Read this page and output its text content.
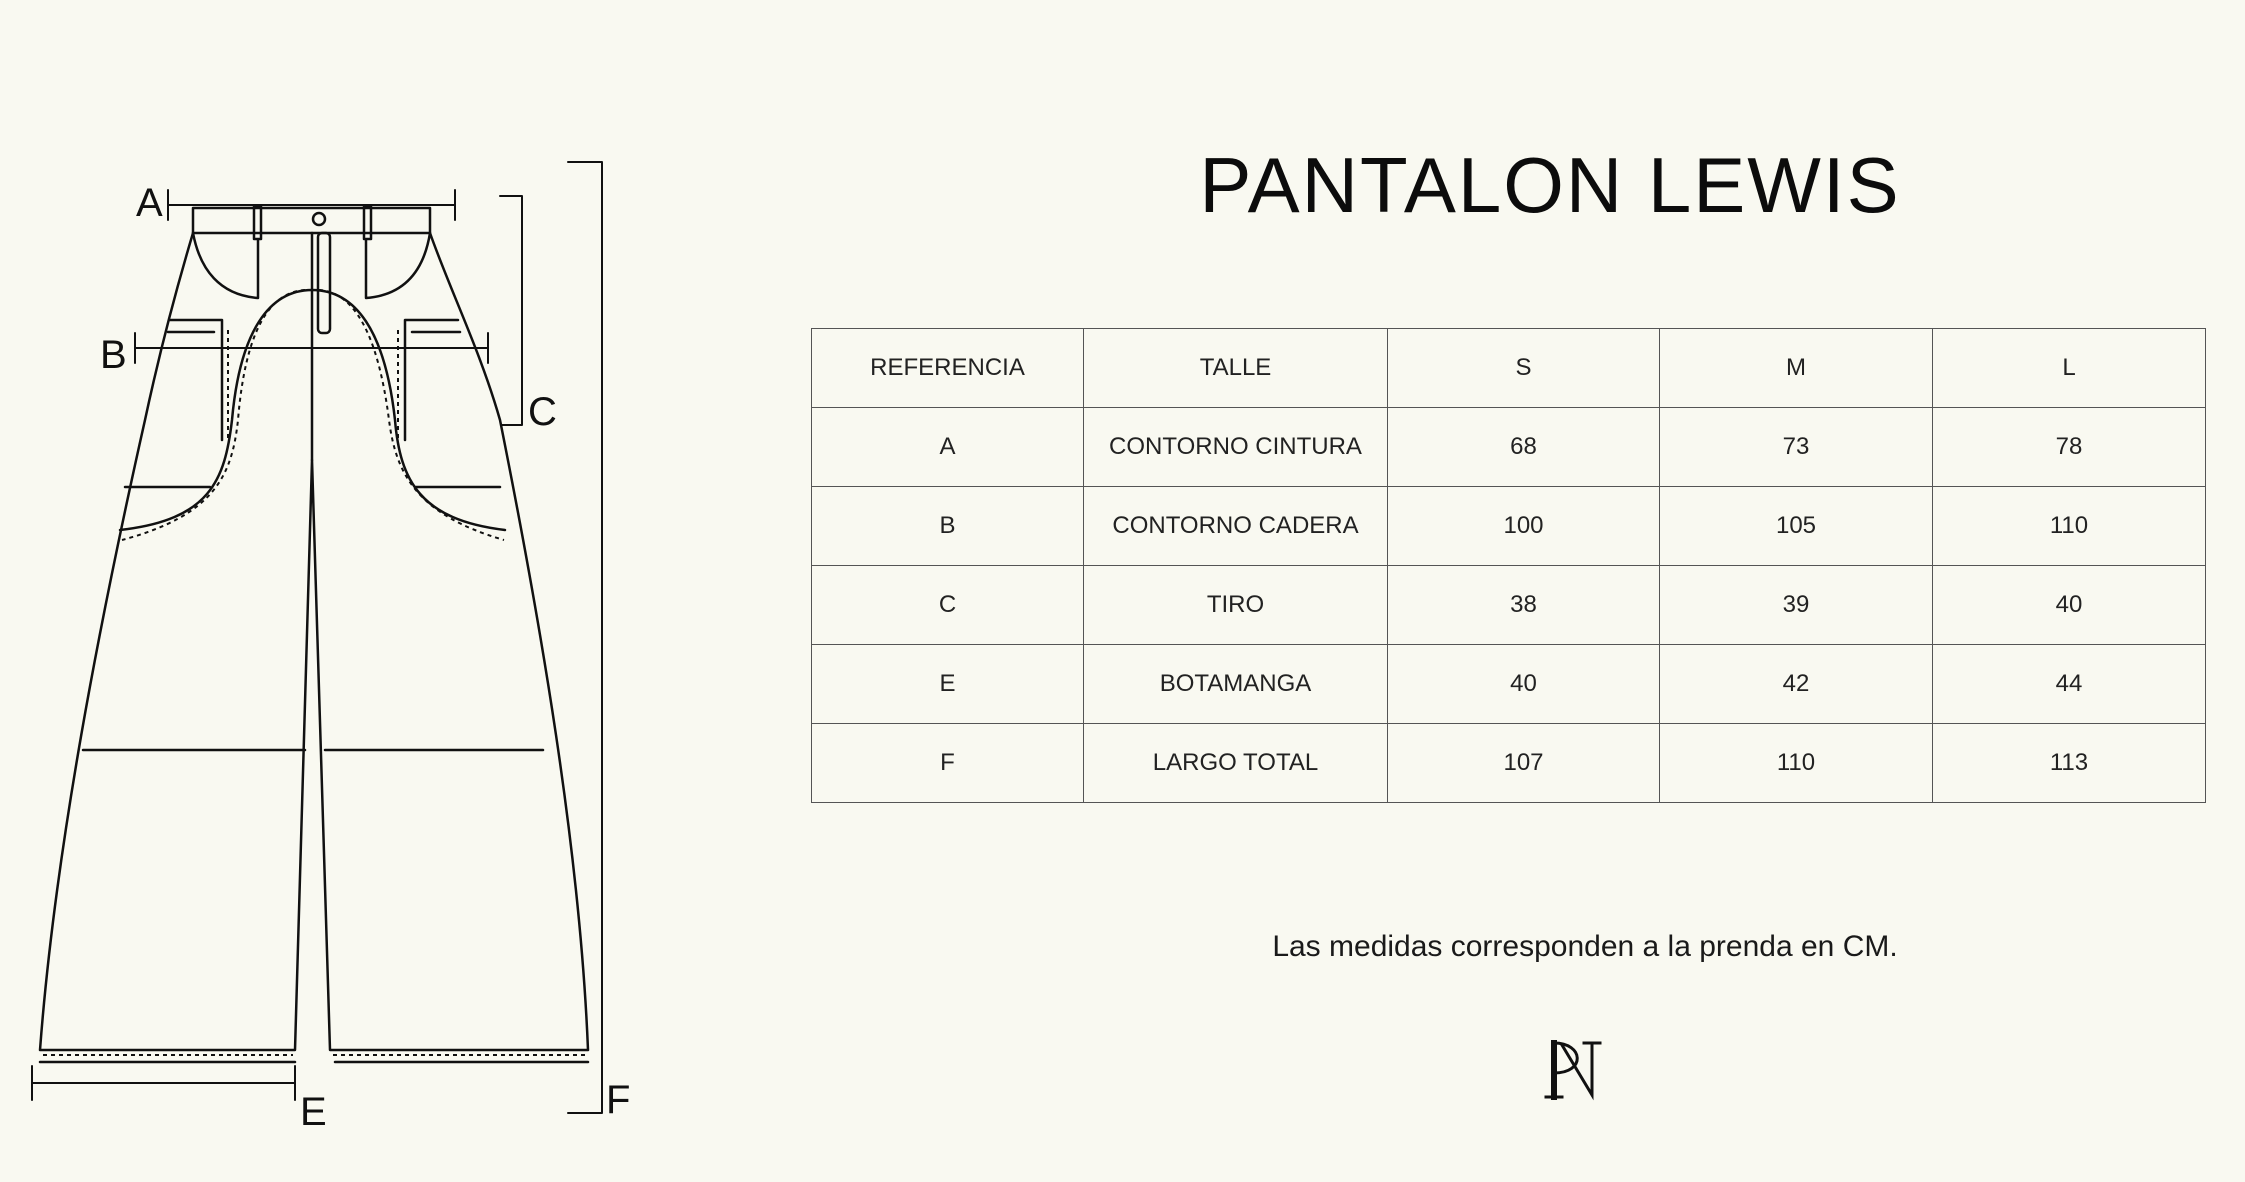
A
B
C
E	F
PANTALON LEWIS
REFERENCIA	TALLE	S	M	L
A	CONTORNO CINTURA	68	73	78
B	CONTORNO CADERA	100	105	110
C	TIRO	38	39	40
E	BOTAMANGA	40	42	44
F	LARGO TOTAL	107	110	113
Las medidas corresponden a la prenda en CM.
